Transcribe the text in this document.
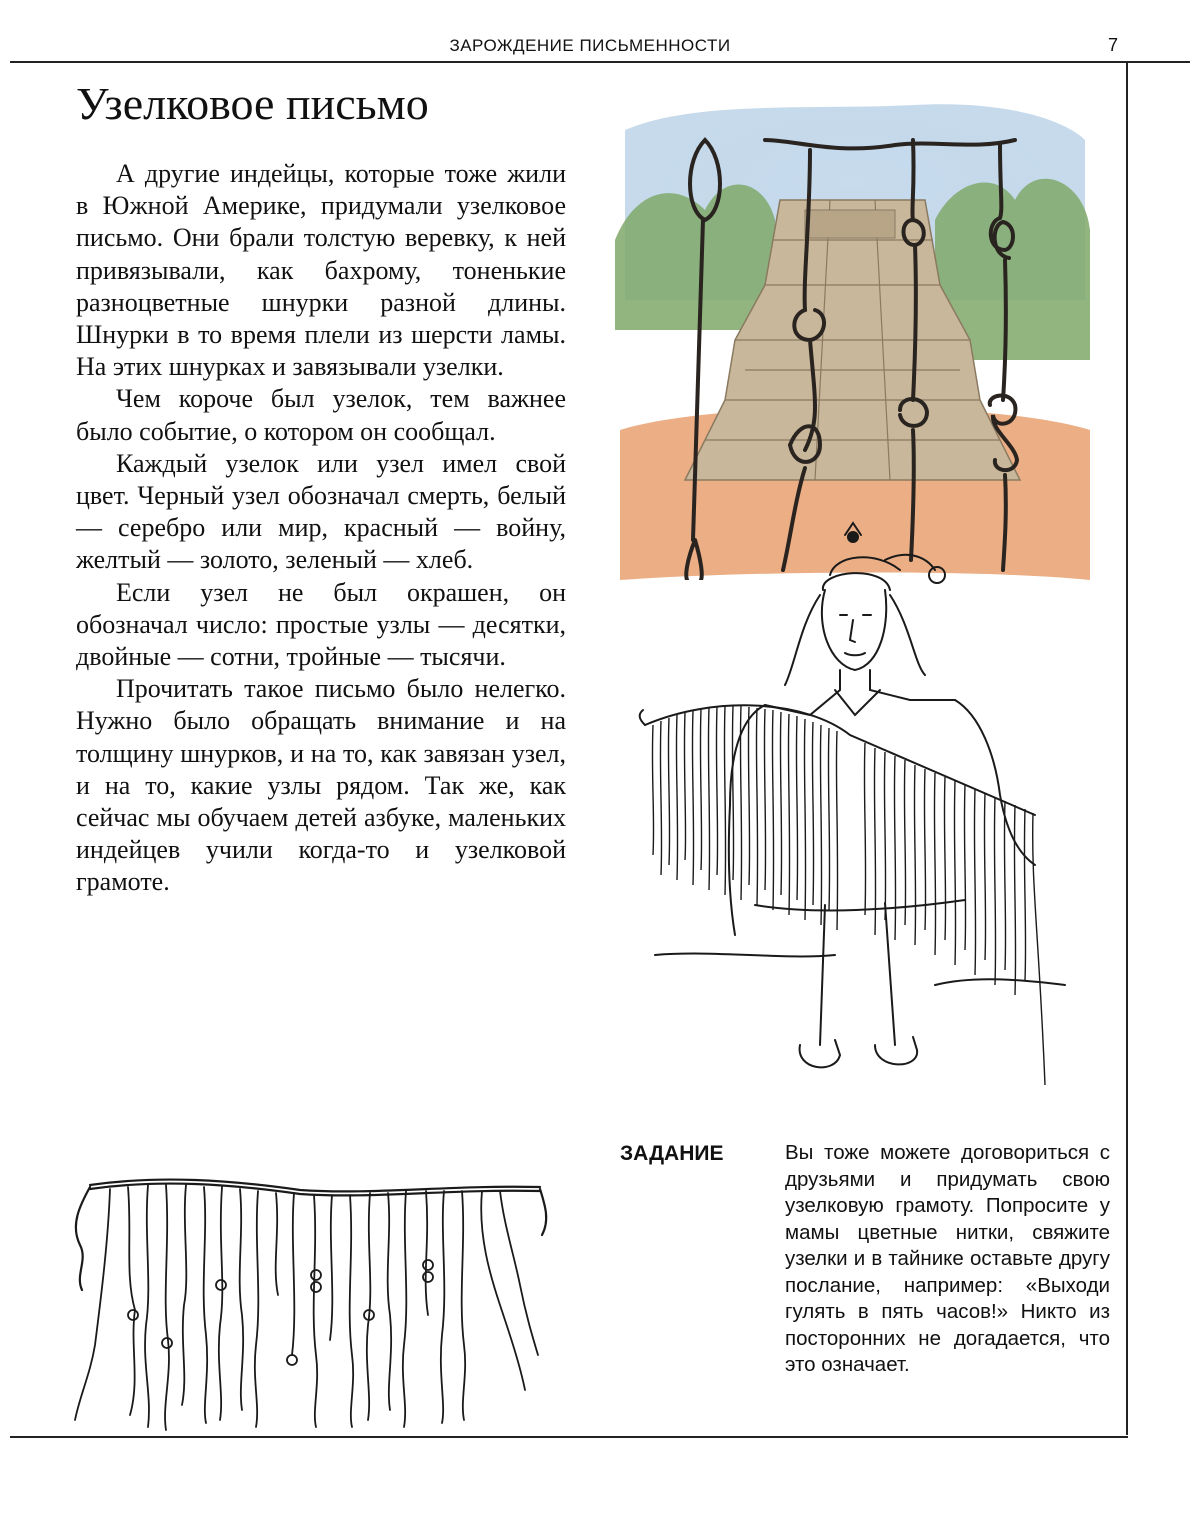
ЗАРОЖДЕНИЕ ПИСЬМЕННОСТИ	7
Узелковое письмо

А другие индейцы, которые тоже жили в Южной Америке, придумали узелковое письмо. Они брали толстую веревку, к ней привязывали, как бахрому, тоненькие разноцветные шнурки разной длины. Шнурки в то время плели из шерсти ламы. На этих шнурках и завязывали узелки.

Чем короче был узелок, тем важнее было событие, о котором он сообщал.

Каждый узелок или узел имел свой цвет. Черный узел обозначал смерть, белый — серебро или мир, красный — войну, желтый — золото, зеленый — хлеб.

Если узел не был окрашен, он обозначал число: простые узлы — десятки, двойные — сотни, тройные — тысячи.

Прочитать такое письмо было нелегко. Нужно было обращать внимание и на толщину шнурков, и на то, как завязан узел, и на то, какие узлы рядом. Так же, как сейчас мы обучаем детей азбуке, маленьких индейцев учили когда-то и узелковой грамоте.

ЗАДАНИЕ	Вы тоже можете договориться с друзьями и придумать свою узелковую грамоту. Попросите у мамы цветные нитки, свяжите узелки и в тайнике оставьте другу послание, например: «Выходи гулять в пять часов!» Никто из посторонних не догадается, что это означает.
